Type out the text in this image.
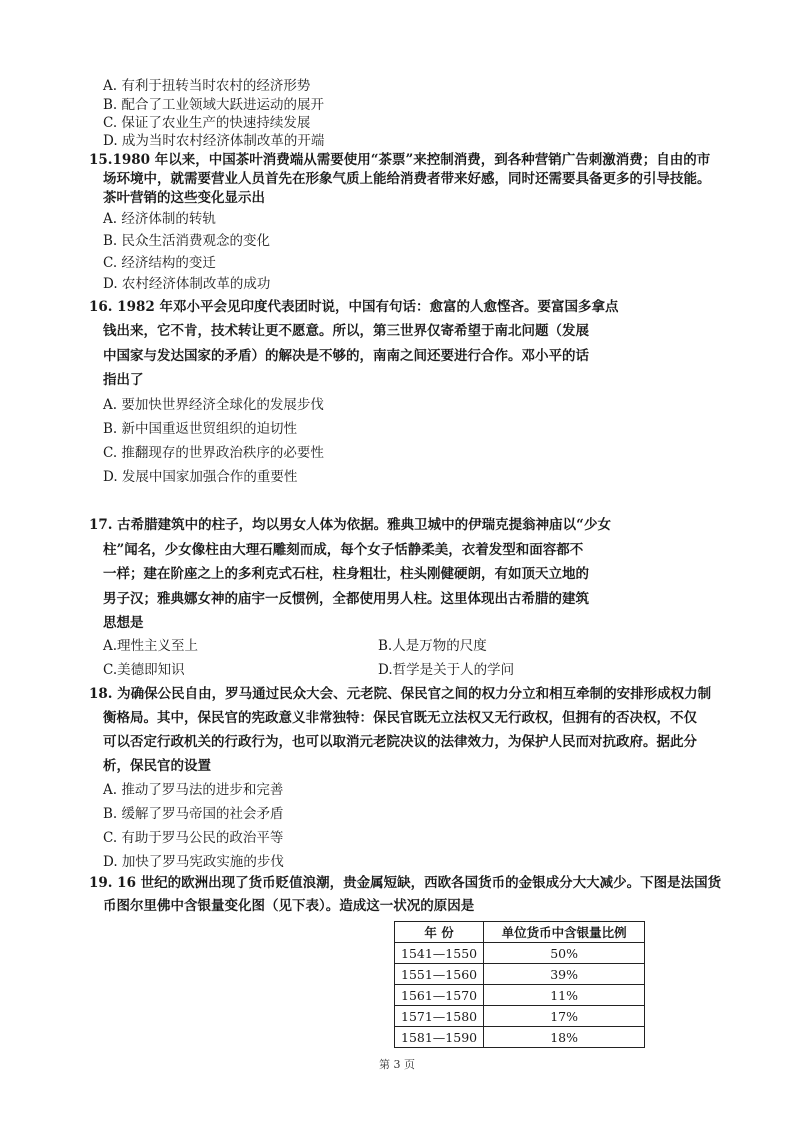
A. 有利于扭转当时农村的经济形势
B. 配合了工业领域大跃进运动的展开
C. 保证了农业生产的快速持续发展
D. 成为当时农村经济体制改革的开端
15.1980 年以来，中国茶叶消费端从需要使用“茶票”来控制消费，到各种营销广告刺激消费；自由的市
场环境中，就需要营业人员首先在形象气质上能给消费者带来好感，同时还需要具备更多的引导技能。
茶叶营销的这些变化显示出
A. 经济体制的转轨
B. 民众生活消费观念的变化
C. 经济结构的变迁
D. 农村经济体制改革的成功
16. 1982 年邓小平会见印度代表团时说，中国有句话：愈富的人愈悭吝。要富国多拿点
钱出来，它不肯，技术转让更不愿意。所以，第三世界仅寄希望于南北问题（发展
中国家与发达国家的矛盾）的解决是不够的，南南之间还要进行合作。邓小平的话
指出了
A. 要加快世界经济全球化的发展步伐
B. 新中国重返世贸组织的迫切性
C. 推翻现存的世界政治秩序的必要性
D. 发展中国家加强合作的重要性
17. 古希腊建筑中的柱子，均以男女人体为依据。雅典卫城中的伊瑞克提翁神庙以“少女
柱”闻名，少女像柱由大理石雕刻而成，每个女子恬静柔美，衣着发型和面容都不
一样；建在阶座之上的多利克式石柱，柱身粗壮，柱头刚健硬朗，有如顶天立地的
男子汉；雅典娜女神的庙宇一反惯例，全都使用男人柱。这里体现出古希腊的建筑
思想是
A.理性主义至上	B.人是万物的尺度
C.美德即知识	D.哲学是关于人的学问
18. 为确保公民自由，罗马通过民众大会、元老院、保民官之间的权力分立和相互牵制的安排形成权力制
衡格局。其中，保民官的宪政意义非常独特：保民官既无立法权又无行政权，但拥有的否决权，不仅
可以否定行政机关的行政行为，也可以取消元老院决议的法律效力，为保护人民而对抗政府。据此分
析，保民官的设置
A. 推动了罗马法的进步和完善
B. 缓解了罗马帝国的社会矛盾
C. 有助于罗马公民的政治平等
D. 加快了罗马宪政实施的步伐
19. 16 世纪的欧洲出现了货币贬值浪潮，贵金属短缺，西欧各国货币的金银成分大大减少。下图是法国货
币图尔里佛中含银量变化图（见下表）。造成这一状况的原因是
年 份	单位货币中含银量比例
1541—1550	50%
1551—1560	39%
1561—1570	11%
1571—1580	17%
1581—1590	18%
第 3 页
